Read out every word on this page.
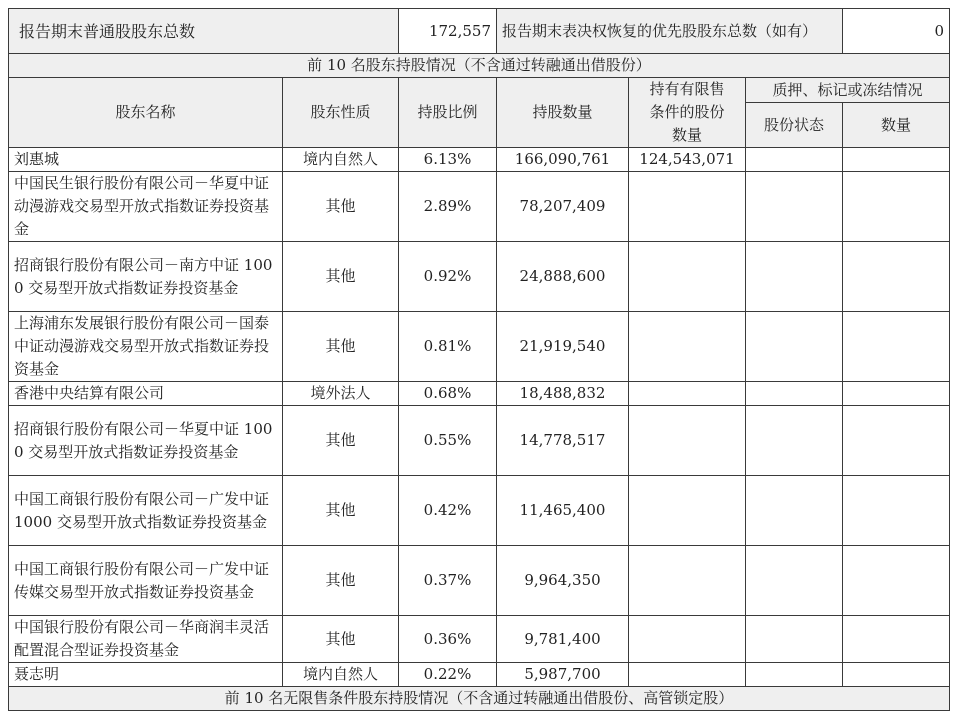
报告期末普通股股东总数		172,557	报告期末表决权恢复的优先股股东总数（如有）			0
前 10 名股东持股情况（不含通过转融通出借股份）						
股东名称	股东性质	持股比例	持股数量	持有有限售条件的股份数量	质押、标记或冻结情况	
					股份状态	数量
刘惠城	境内自然人	6.13%	166,090,761	124,543,071		
中国民生银行股份有限公司－华夏中证动漫游戏交易型开放式指数证券投资基金	其他	2.89%	78,207,409			
招商银行股份有限公司－南方中证 1000 交易型开放式指数证券投资基金	其他	0.92%	24,888,600			
上海浦东发展银行股份有限公司－国泰中证动漫游戏交易型开放式指数证券投资基金	其他	0.81%	21,919,540			
香港中央结算有限公司	境外法人	0.68%	18,488,832			
招商银行股份有限公司－华夏中证 1000 交易型开放式指数证券投资基金	其他	0.55%	14,778,517			
中国工商银行股份有限公司－广发中证 1000 交易型开放式指数证券投资基金	其他	0.42%	11,465,400			
中国工商银行股份有限公司－广发中证传媒交易型开放式指数证券投资基金	其他	0.37%	9,964,350			
中国银行股份有限公司－华商润丰灵活配置混合型证券投资基金	其他	0.36%	9,781,400			
聂志明	境内自然人	0.22%	5,987,700			
前 10 名无限售条件股东持股情况（不含通过转融通出借股份、高管锁定股）						
